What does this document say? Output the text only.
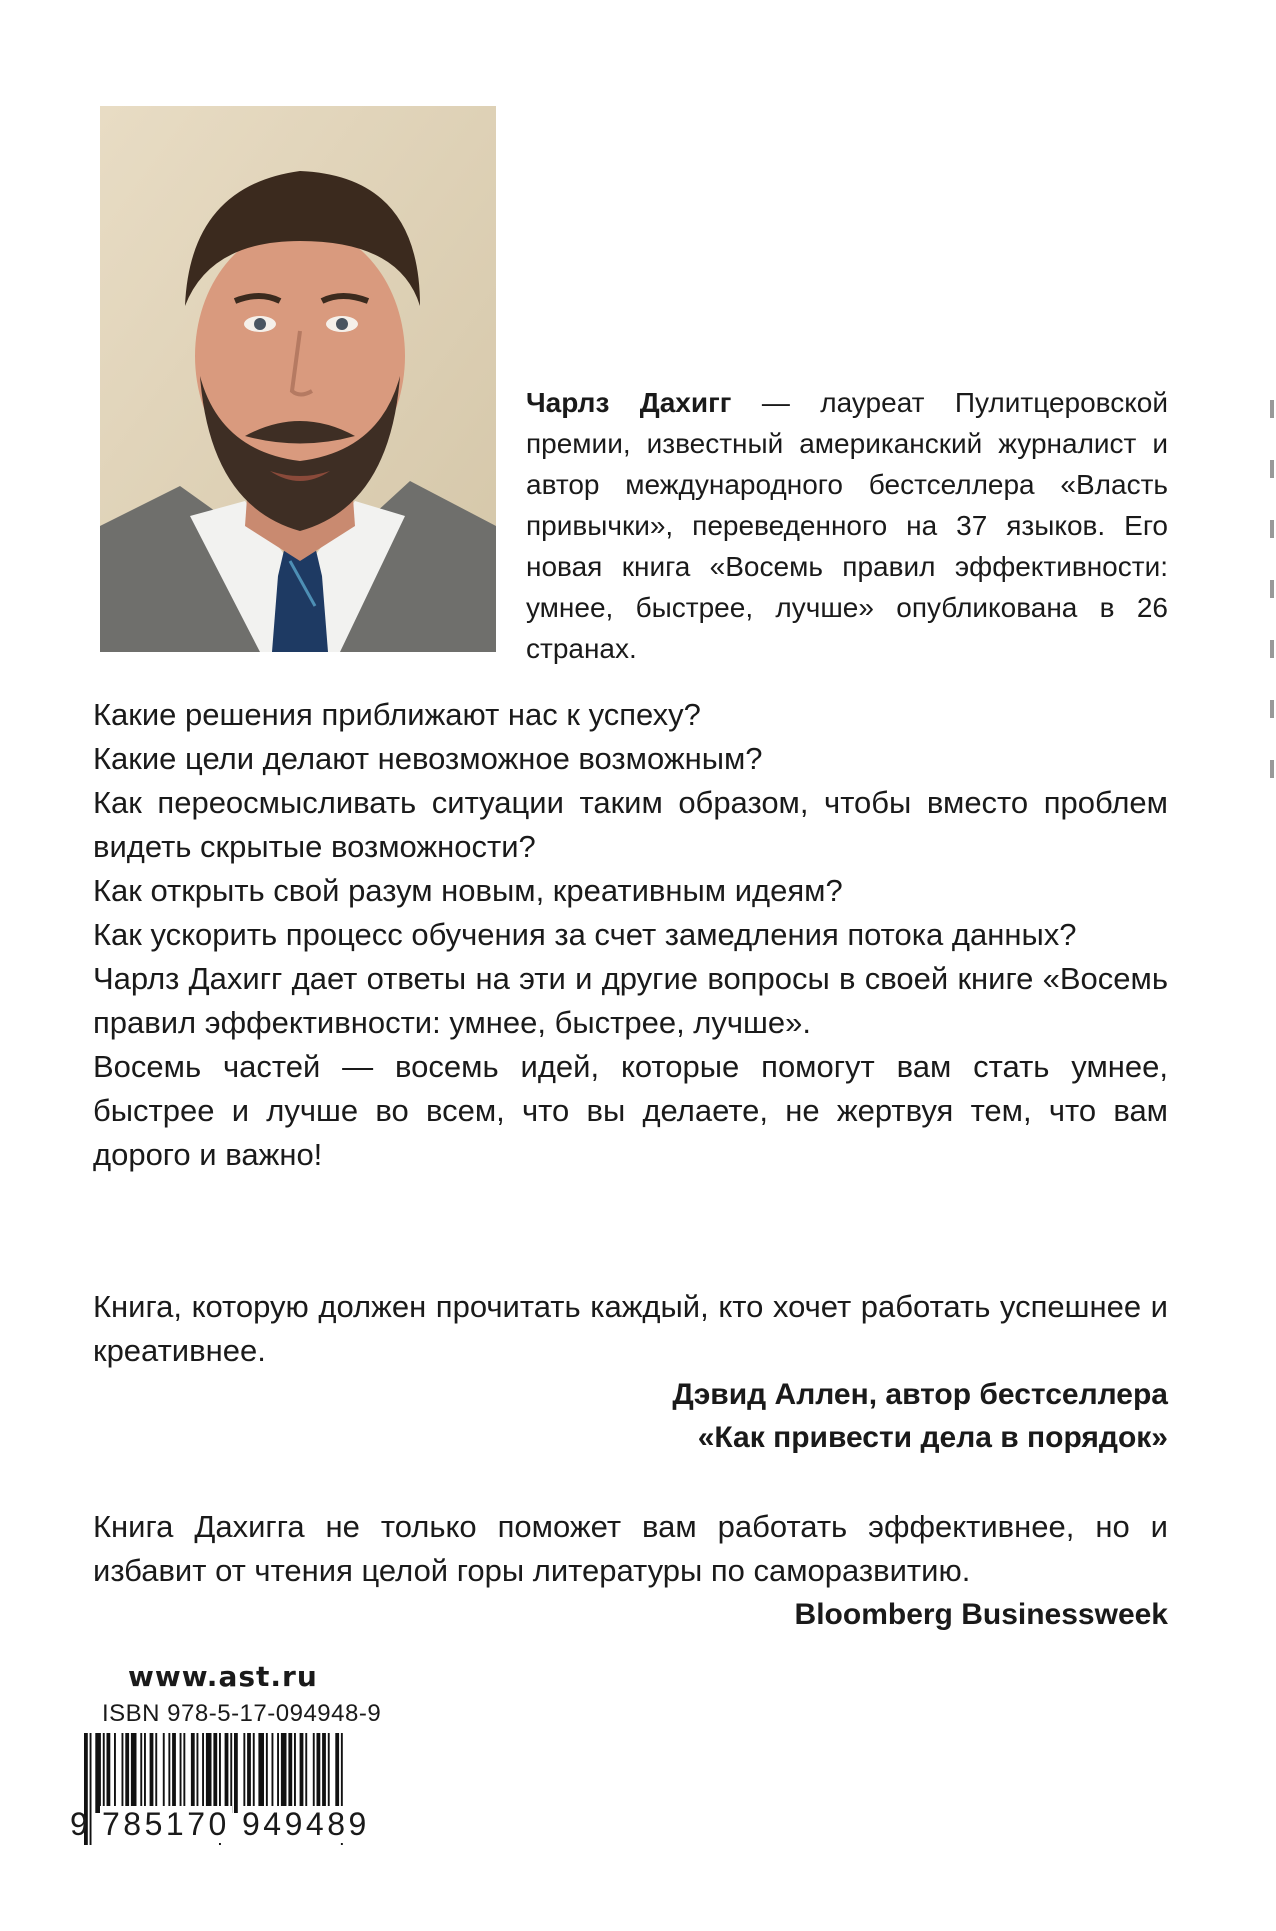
Чарлз Дахигг — лауреат Пулитцеровской премии, известный американский журналист и автор международного бестселлера «Власть привычки», переведенного на 37 языков. Его новая книга «Восемь правил эффективности: умнее, быстрее, лучше» опубликована в 26 странах.

Какие решения приближают нас к успеху?

Какие цели делают невозможное возможным?

Как переосмысливать ситуации таким образом, чтобы вместо проблем видеть скрытые возможности?

Как открыть свой разум новым, креативным идеям?

Как ускорить процесс обучения за счет замедления потока данных?

Чарлз Дахигг дает ответы на эти и другие вопросы в своей книге «Восемь правил эффективности: умнее, быстрее, лучше».

Восемь частей — восемь идей, которые помогут вам стать умнее, быстрее и лучше во всем, что вы делаете, не жертвуя тем, что вам дорого и важно!

Книга, которую должен прочитать каждый, кто хочет работать успешнее и креативнее.

Дэвид Аллен, автор бестселлера
«Как привести дела в порядок»

Книга Дахигга не только поможет вам работать эффективнее, но и избавит от чтения целой горы литературы по саморазвитию.

Bloomberg Businessweek
www.ast.ru
ISBN 978-5-17-094948-9
9 785170 949489
